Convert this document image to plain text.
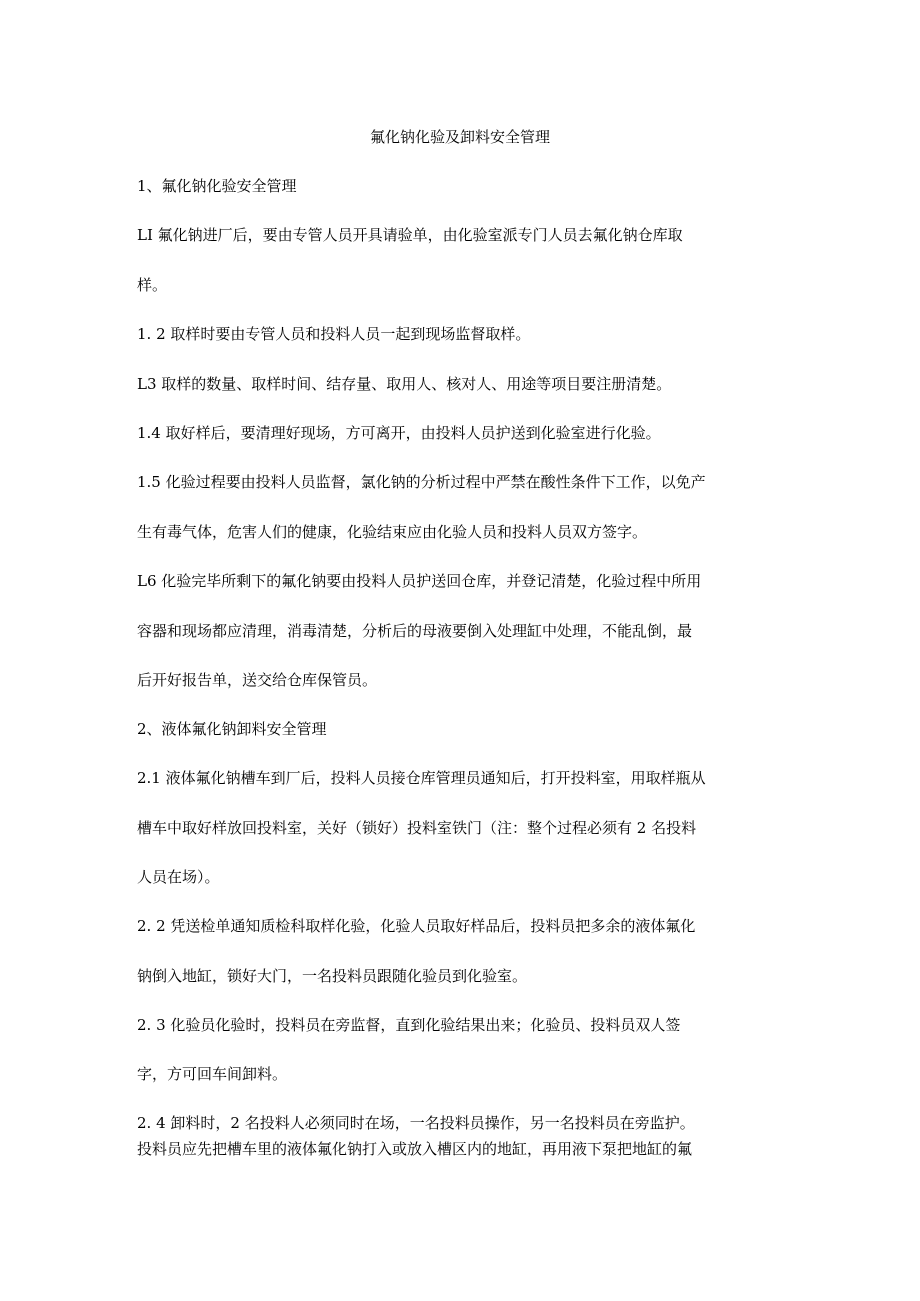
氟化钠化验及卸料安全管理

1、氟化钠化验安全管理

LI 氟化钠进厂后，要由专管人员开具请验单，由化验室派专门人员去氟化钠仓库取

样。

1. 2 取样时要由专管人员和投料人员一起到现场监督取样。

L3 取样的数量、取样时间、结存量、取用人、核对人、用途等项目要注册清楚。

1.4 取好样后，要清理好现场，方可离开，由投料人员护送到化验室进行化验。

1.5 化验过程要由投料人员监督，氯化钠的分析过程中严禁在酸性条件下工作，以免产

生有毒气体，危害人们的健康，化验结束应由化验人员和投料人员双方签字。

L6 化验完毕所剩下的氟化钠要由投料人员护送回仓库，并登记清楚，化验过程中所用

容器和现场都应清理，消毒清楚，分析后的母液要倒入处理缸中处理，不能乱倒，最

后开好报告单，送交给仓库保管员。

2、液体氟化钠卸料安全管理

2.1 液体氟化钠槽车到厂后，投料人员接仓库管理员通知后，打开投料室，用取样瓶从

槽车中取好样放回投料室，关好（锁好）投料室铁门（注：整个过程必须有 2 名投料

人员在场）。

2. 2 凭送检单通知质检科取样化验，化验人员取好样品后，投料员把多余的液体氟化

钠倒入地缸，锁好大门，一名投料员跟随化验员到化验室。

2. 3 化验员化验时，投料员在旁监督，直到化验结果出来；化验员、投料员双人签

字，方可回车间卸料。

2. 4 卸料时，2 名投料人必须同时在场，一名投料员操作，另一名投料员在旁监护。

投料员应先把槽车里的液体氟化钠打入或放入槽区内的地缸，再用液下泵把地缸的氟
